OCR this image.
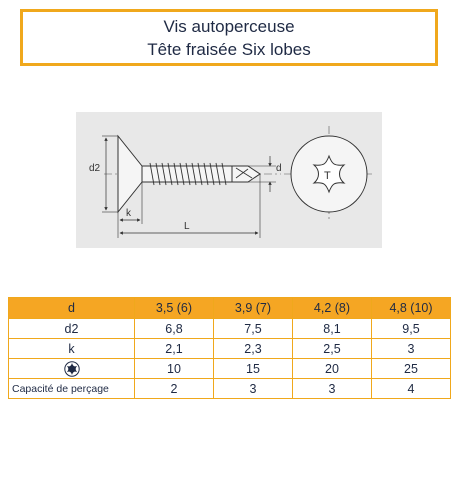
Vis autoperceuse
Tête fraisée Six lobes
d2
k
L
d
T
d	3,5 (6)	3,9 (7)	4,2 (8)	4,8 (10)
d2	6,8	7,5	8,1	9,5
k	2,1	2,3	2,5	3

	10	15	20	25
Capacité de perçage	2	3	3	4
